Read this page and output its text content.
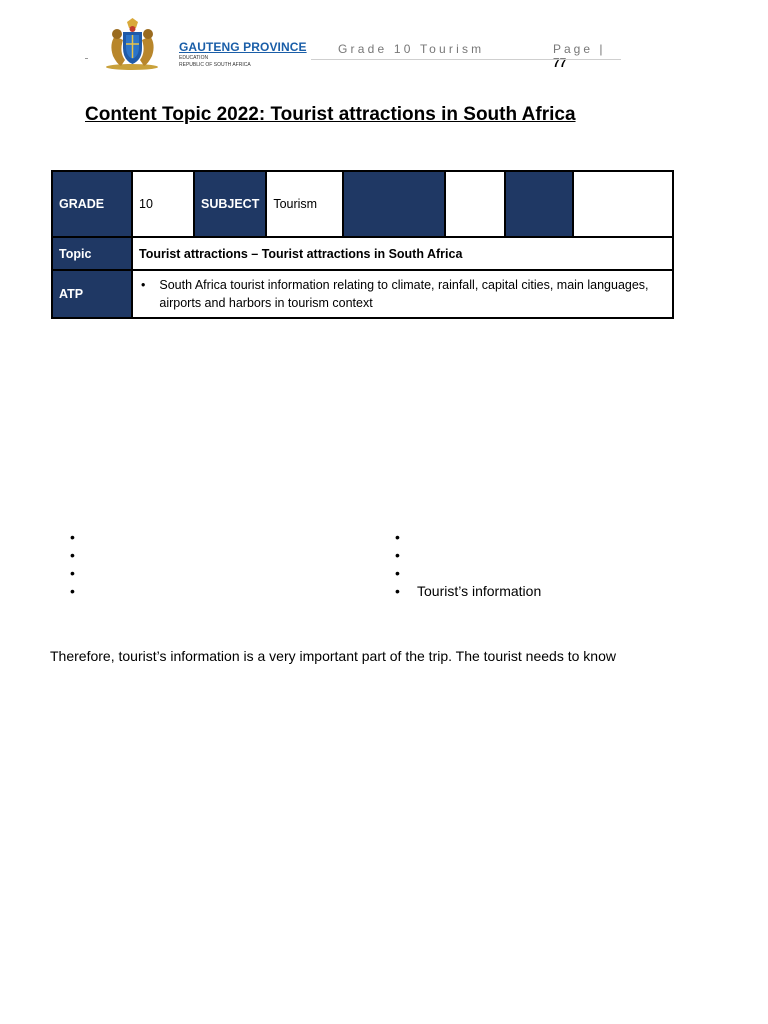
GAUTENG PROVINCE
EDUCATION
REPUBLIC OF SOUTH AFRICA
Grade 10 Tourism	Page | 77
Content Topic 2022: Tourist attractions in South Africa
GRADE	10	SUBJECT	Tourism				
Topic	Tourist attractions – Tourist attractions in South Africa						
ATP	• South Africa tourist information relating to climate, rainfall, capital cities, main languages, airports and harbors in tourism context						
•
•
•
•
•
•
•
• Tourist’s information
Therefore, tourist’s information is a very important part of the trip. The tourist needs to know
